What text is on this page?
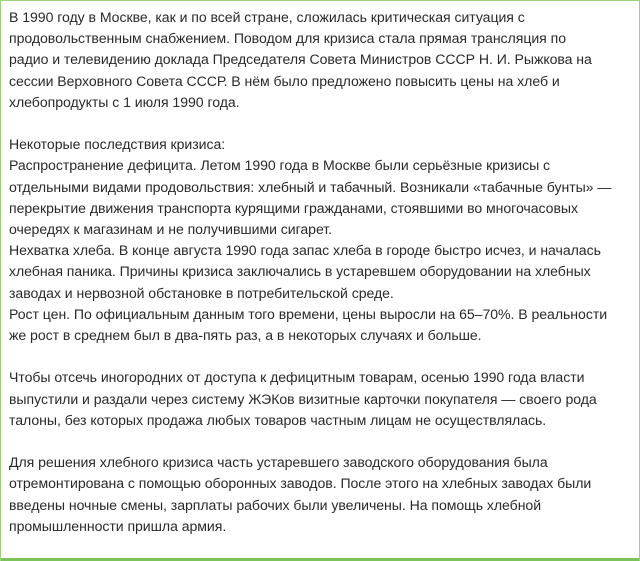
В 1990 году в Москве, как и по всей стране, сложилась критическая ситуация с
продовольственным снабжением. Поводом для кризиса стала прямая трансляция по
радио и телевидению доклада Председателя Совета Министров СССР Н. И. Рыжкова на
сессии Верховного Совета СССР. В нём было предложено повысить цены на хлеб и
хлебопродукты с 1 июля 1990 года.

Некоторые последствия кризиса:
Распространение дефицита. Летом 1990 года в Москве были серьёзные кризисы с
отдельными видами продовольствия: хлебный и табачный. Возникали «табачные бунты» —
перекрытие движения транспорта курящими гражданами, стоявшими во многочасовых
очередях к магазинам и не получившими сигарет.
Нехватка хлеба. В конце августа 1990 года запас хлеба в городе быстро исчез, и началась
хлебная паника. Причины кризиса заключались в устаревшем оборудовании на хлебных
заводах и нервозной обстановке в потребительской среде.
Рост цен. По официальным данным того времени, цены выросли на 65–70%. В реальности
же рост в среднем был в два-пять раз, а в некоторых случаях и больше.

Чтобы отсечь иногородних от доступа к дефицитным товарам, осенью 1990 года власти
выпустили и раздали через систему ЖЭКов визитные карточки покупателя — своего рода
талоны, без которых продажа любых товаров частным лицам не осуществлялась.

Для решения хлебного кризиса часть устаревшего заводского оборудования была
отремонтирована с помощью оборонных заводов. После этого на хлебных заводах были
введены ночные смены, зарплаты рабочих были увеличены. На помощь хлебной
промышленности пришла армия.
